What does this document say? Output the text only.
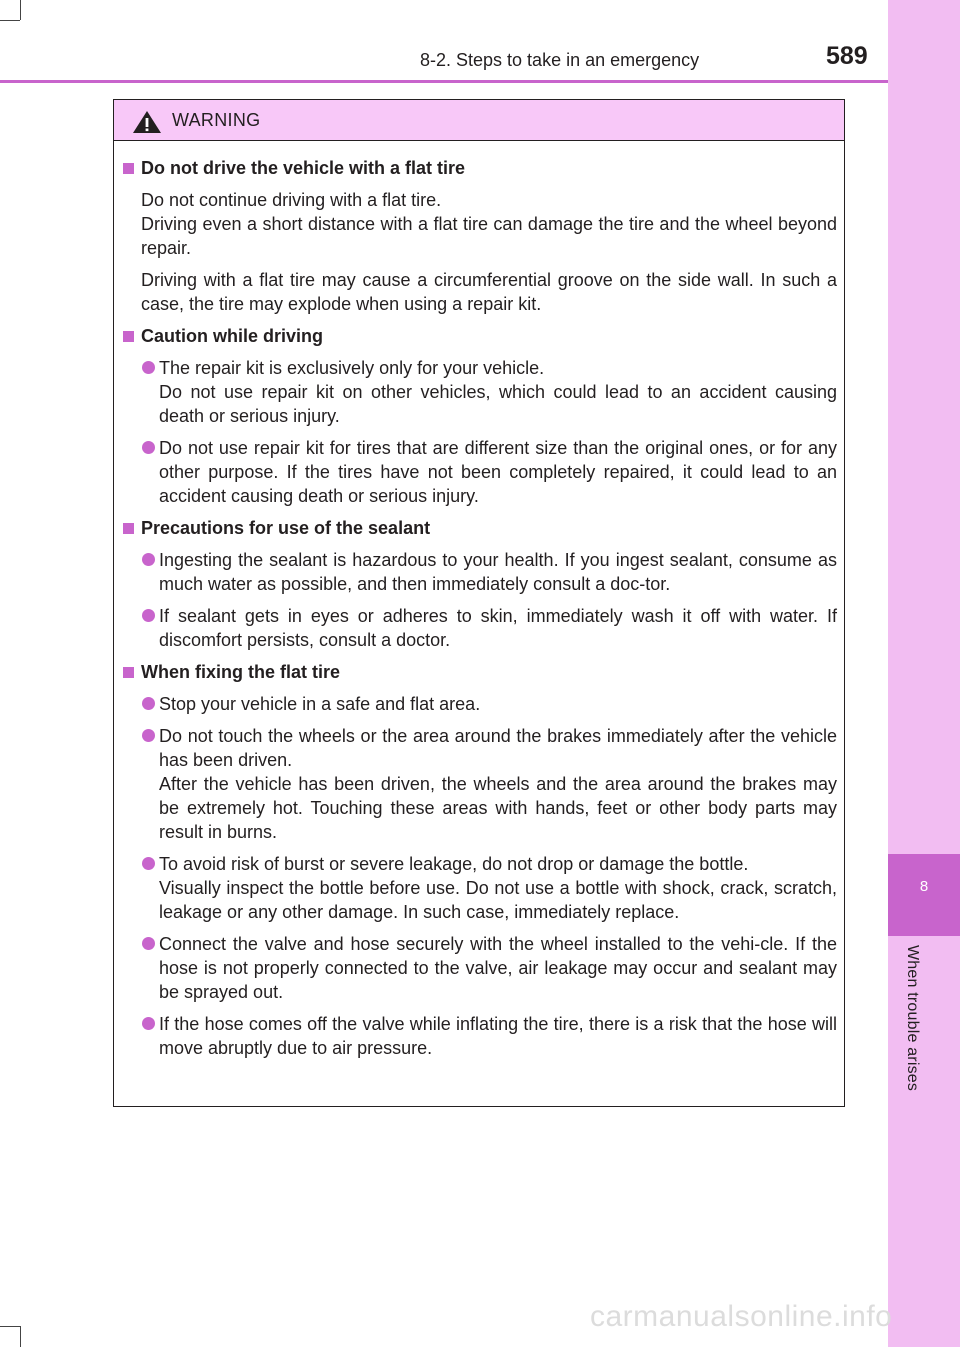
8
When trouble arises
8-2. Steps to take in an emergency	589
WARNING
Do not drive the vehicle with a flat tire

Do not continue driving with a flat tire.

Driving even a short distance with a flat tire can damage the tire and the wheel beyond repair.

Driving with a flat tire may cause a circumferential groove on the side wall. In such a case, the tire may explode when using a repair kit.

Caution while driving
The repair kit is exclusively only for your vehicle.
Do not use repair kit on other vehicles, which could lead to an accident causing death or serious injury.
Do not use repair kit for tires that are different size than the original ones, or for any other purpose. If the tires have not been completely repaired, it could lead to an accident causing death or serious injury.
Precautions for use of the sealant
Ingesting the sealant is hazardous to your health. If you ingest sealant, consume as much water as possible, and then immediately consult a doc-tor.
If sealant gets in eyes or adheres to skin, immediately wash it off with water. If discomfort persists, consult a doctor.
When fixing the flat tire
Stop your vehicle in a safe and flat area.
Do not touch the wheels or the area around the brakes immediately after the vehicle has been driven.
After the vehicle has been driven, the wheels and the area around the brakes may be extremely hot. Touching these areas with hands, feet or other body parts may result in burns.
To avoid risk of burst or severe leakage, do not drop or damage the bottle.
Visually inspect the bottle before use. Do not use a bottle with shock, crack, scratch, leakage or any other damage. In such case, immediately replace.
Connect the valve and hose securely with the wheel installed to the vehi-cle. If the hose is not properly connected to the valve, air leakage may occur and sealant may be sprayed out.
If the hose comes off the valve while inflating the tire, there is a risk that the hose will move abruptly due to air pressure.
carmanualsonline.info
